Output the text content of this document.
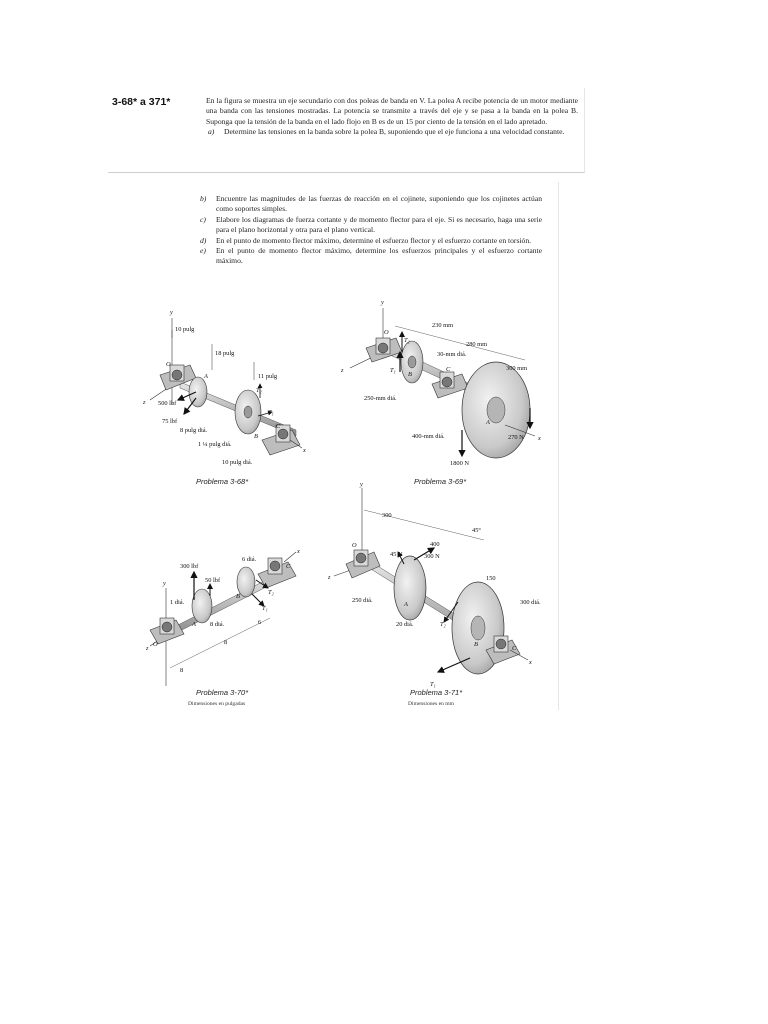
3-68* a 371*	En la figura se muestra un eje secundario con dos poleas de banda en V. La polea A recibe potencia de un motor mediante una banda con las tensiones mostradas. La potencia se transmite a través del eje y se pasa a la banda en la polea B. Suponga que la tensión de la banda en el lado flojo en B es de un 15 por ciento de la tensión en el lado apretado.
a) Determine las tensiones en la banda sobre la polea B, suponiendo que el eje funciona a una velocidad constante.
b) Encuentre las magnitudes de las fuerzas de reacción en el cojinete, suponiendo que los cojinetes actúan como soportes simples.
c) Elabore los diagramas de fuerza cortante y de momento flector para el eje. Si es necesario, haga una serie para el plano horizontal y otra para el plano vertical.
d) En el punto de momento flector máximo, determine el esfuerzo flector y el esfuerzo cortante en torsión.
e) En el punto de momento flector máximo, determine los esfuerzos principales y el esfuerzo cortante máximo.
y
z
O
A
B
C
x
10 pulg
18 pulg
11 pulg
T₂
T₁
500 lbf
75 lbf
8 pulg diá.
1 ¼ pulg diá.
10 pulg diá.
y
z
O
B
T₁
T₂
C
A
x
230 mm
280 mm
30-mm diá.
300 mm
250-mm diá.
400-mm diá.	270 N
1800 N
y
z
O
A
B
C
x
300 lbf
50 lbf
6 diá.
T₂
T₁
1 diá.
8 diá.
8
8
6
y
z
O
A
B
C
x
300
400
45°
150
45 N	300 N
250 diá.
20 diá.
300 diá.
T₂
T₁
Problema 3-68*	Problema 3-69*
Problema 3-70*
Dimensiones en pulgadas
Problema 3-71*
Dimensiones en mm
